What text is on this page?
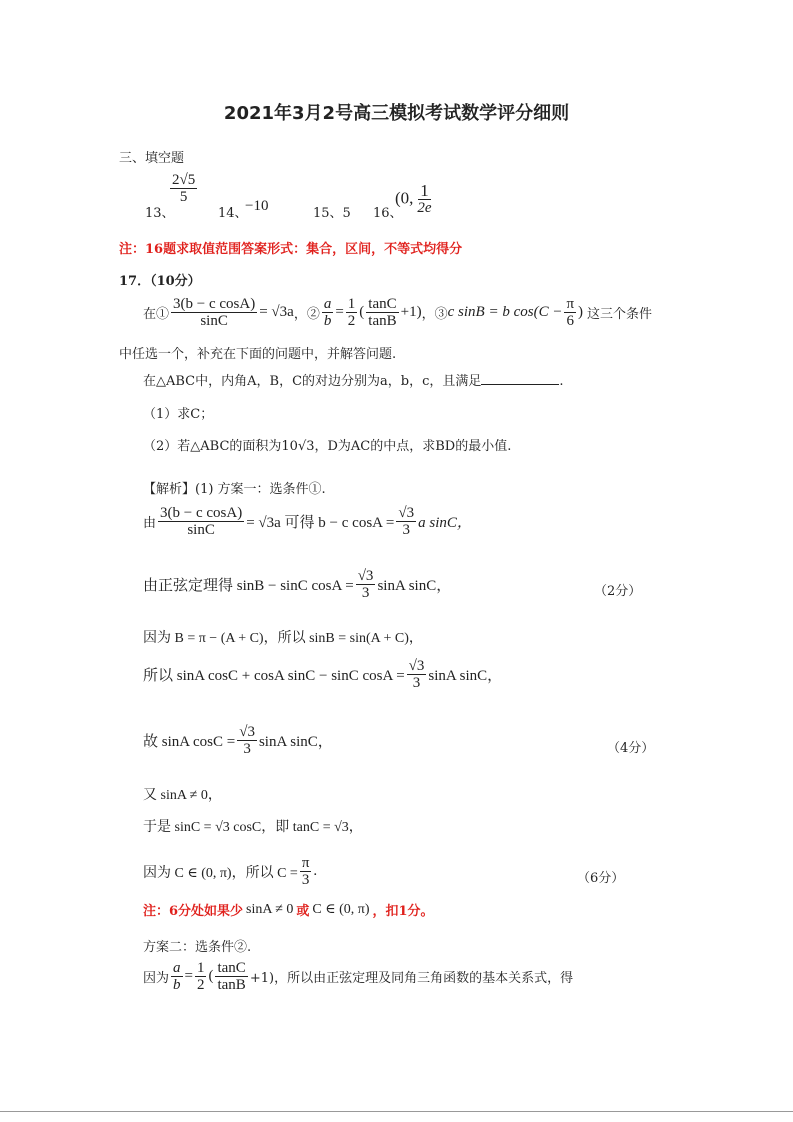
2021年3月2号高三模拟考试数学评分细则
三、填空题
13、
$\frac{2√5}{5}$
14、
−10	15、5 16、
(0, $\frac{1}{2e}$
注：16题求取值范围答案形式：集合，区间，不等式均得分
17．（10分）
在① $\frac{\text{3(b − c cosA)}}{\sin C} = √3a$ ，② $\frac{a}{b} = \frac{1}{2}$ ( $\frac{\tan C}{\tan B} +1$) ，③ c sinB = b $\cos(C - \frac{\pi}{6}$ ) 这三个条件
中任选一个，补充在下面的问题中，并解答问题.
在△ABC中，内角A，B，C的对边分别为a，b，c，且满足	.
（1）求C；
（2）若△ABC的面积为10√3，D为AC的中点，求BD的最小值.
【解析】(1) 方案一：选条件①.
由 $\frac{\text{3(b − c cosA)}}{\sin C} = √3a$ 可得 b − c $\cos A = \frac{√3}{3}$ a sinC，
由正弦定理得 sinB − sinC $\cos A = \frac{√3}{3}$ sinA sinC，	（2分）
因为 B = π − (A + C)，所以 sinB = sin(A + C)，
所以 sinA cosC + cosA sinC − sinC $\cos A = \frac{√3}{3}$ sinA sinC，
故 sinA $\cos C = \frac{√3}{3}$ sinA sinC，	（4分）
又 sinA ≠ 0，
于是 sinC = √3 cosC，即 tanC = √3，
因为 C ∈ (0, π)，所以 $C = \frac{\pi}{3}$ .	（6分）
注：6分处如果少 sinA ≠ 0 或 C ∈ (0, π) ，扣1分。
方案二：选条件②.
因为 $\frac{a}{b} = \frac{1}{2}$ ( $\frac{\tan C}{\tan B} +1$)，所以由正弦定理及同角三角函数的基本关系式，得
